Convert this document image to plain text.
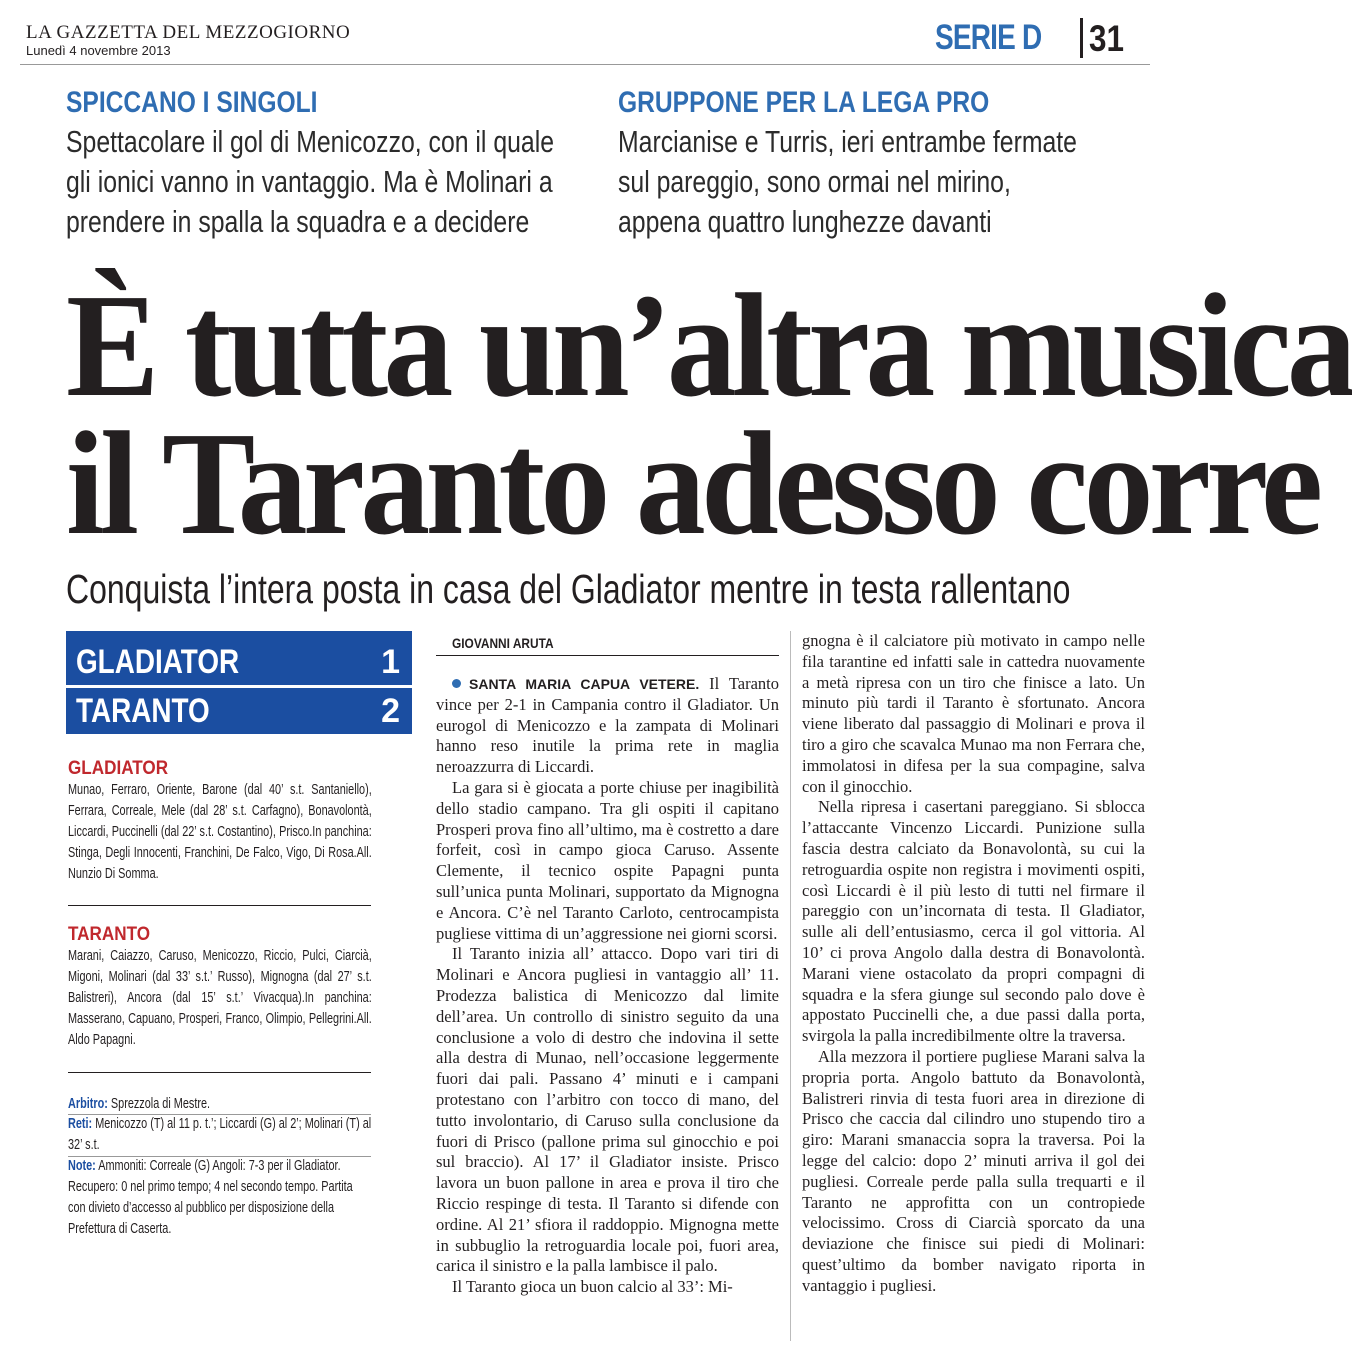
LA GAZZETTA DEL MEZZOGIORNO
Lunedì 4 novembre 2013	SERIE D 31
SPICCANO I SINGOLI
Spettacolare il gol di Menicozzo, con il quale
gli ionici vanno in vantaggio. Ma è Molinari a
prendere in spalla la squadra e a decidere
GRUPPONE PER LA LEGA PRO
Marcianise e Turris, ieri entrambe fermate
sul pareggio, sono ormai nel mirino,
appena quattro lunghezze davanti
È tutta un’altra musica
il Taranto adesso corre
Conquista l’intera posta in casa del Gladiator mentre in testa rallentano
GLADIATOR	1
TARANTO	2
GLADIATOR
Munao, Ferraro, Oriente, Barone (dal 40’ s.t. Santaniello), Ferrara, Correale, Mele (dal 28’ s.t. Carfagno), Bonavolontà, Liccardi, Puccinelli (dal 22’ s.t. Costantino), Prisco.In panchina: Stinga, Degli Innocenti, Franchini, De Falco, Vigo, Di Rosa.All. Nunzio Di Somma.
TARANTO
Marani, Caiazzo, Caruso, Menicozzo, Riccio, Pulci, Ciarcià, Migoni, Molinari (dal 33’ s.t.’ Russo), Mignogna (dal 27’ s.t. Balistreri), Ancora (dal 15’ s.t.’ Vivacqua).In panchina: Masserano, Capuano, Prosperi, Franco, Olimpio, Pellegrini.All. Aldo Papagni.
Arbitro: Sprezzola di Mestre.
Reti: Menicozzo (T) al 11 p. t.’; Liccardi (G) al 2’; Molinari (T) al 32’ s.t.
Note: Ammoniti: Correale (G) Angoli: 7-3 per il Gladiator. Recupero: 0 nel primo tempo; 4 nel secondo tempo. Partita con divieto d’accesso al pubblico per disposizione della Prefettura di Caserta.
GIOVANNI ARUTA

SANTA MARIA CAPUA VETERE. Il Taranto vince per 2-1 in Campania contro il Gladiator. Un eurogol di Menicozzo e la zampata di Molinari hanno reso inutile la prima rete in maglia neroazzurra di Liccardi.

La gara si è giocata a porte chiuse per inagibilità dello stadio campano. Tra gli ospiti il capitano Prosperi prova fino all’ultimo, ma è costretto a dare forfeit, così in campo gioca Caruso. Assente Clemente, il tecnico ospite Papagni punta sull’unica punta Molinari, supportato da Mignogna e Ancora. C’è nel Taranto Carloto, centrocampista pugliese vittima di un’aggressione nei giorni scorsi.

Il Taranto inizia all’ attacco. Dopo vari tiri di Molinari e Ancora pugliesi in vantaggio all’ 11. Prodezza balistica di Menicozzo dal limite dell’area. Un controllo di sinistro seguito da una conclusione a volo di destro che indovina il sette alla destra di Munao, nell’occasione leggermente fuori dai pali. Passano 4’ minuti e i campani protestano con l’arbitro con tocco di mano, del tutto involontario, di Caruso sulla conclusione da fuori di Prisco (pallone prima sul ginocchio e poi sul braccio). Al 17’ il Gladiator insiste. Prisco lavora un buon pallone in area e prova il tiro che Riccio respinge di testa. Il Taranto si difende con ordine. Al 21’ sfiora il raddoppio. Mignogna mette in subbuglio la retroguardia locale poi, fuori area, carica il sinistro e la palla lambisce il palo.

Il Taranto gioca un buon calcio al 33’: Mi-

gnogna è il calciatore più motivato in campo nelle fila tarantine ed infatti sale in cattedra nuovamente a metà ripresa con un tiro che finisce a lato. Un minuto più tardi il Taranto è sfortunato. Ancora viene liberato dal passaggio di Molinari e prova il tiro a giro che scavalca Munao ma non Ferrara che, immolatosi in difesa per la sua compagine, salva con il ginocchio.

Nella ripresa i casertani pareggiano. Si sblocca l’attaccante Vincenzo Liccardi. Punizione sulla fascia destra calciato da Bonavolontà, su cui la retroguardia ospite non registra i movimenti ospiti, così Liccardi è il più lesto di tutti nel firmare il pareggio con un’incornata di testa. Il Gladiator, sulle ali dell’entusiasmo, cerca il gol vittoria. Al 10’ ci prova Angolo dalla destra di Bonavolontà. Marani viene ostacolato da propri compagni di squadra e la sfera giunge sul secondo palo dove è appostato Puccinelli che, a due passi dalla porta, svirgola la palla incredibilmente oltre la traversa.

Alla mezzora il portiere pugliese Marani salva la propria porta. Angolo battuto da Bonavolontà, Balistreri rinvia di testa fuori area in direzione di Prisco che caccia dal cilindro uno stupendo tiro a giro: Marani smanaccia sopra la traversa. Poi la legge del calcio: dopo 2’ minuti arriva il gol dei pugliesi. Correale perde palla sulla trequarti e il Taranto ne approfitta con un contropiede velocissimo. Cross di Ciarcià sporcato da una deviazione che finisce sui piedi di Molinari: quest’ultimo da bomber navigato riporta in vantaggio i pugliesi.
